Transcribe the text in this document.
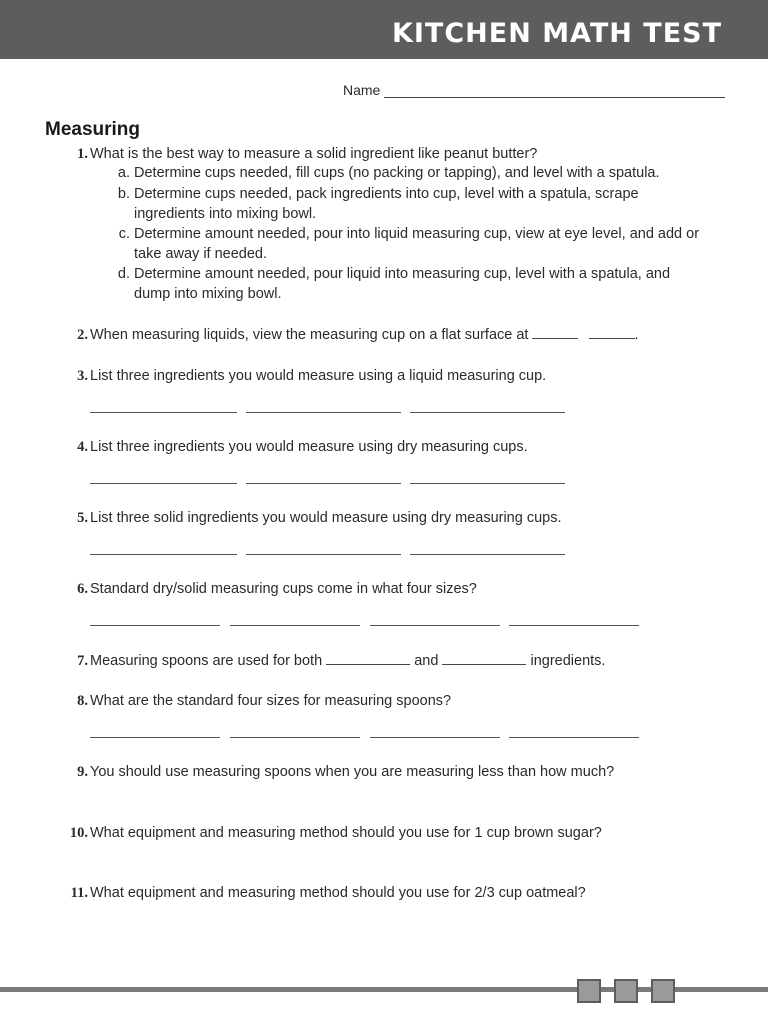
KITCHEN MATH TEST
Name
Measuring
1. What is the best way to measure a solid ingredient like peanut butter?
a. Determine cups needed, fill cups (no packing or tapping), and level with a spatula.
b. Determine cups needed, pack ingredients into cup, level with a spatula, scrape ingredients into mixing bowl.
c. Determine amount needed, pour into liquid measuring cup, view at eye level, and add or take away if needed.
d. Determine amount needed, pour liquid into measuring cup, level with a spatula, and dump into mixing bowl.
2. When measuring liquids, view the measuring cup on a flat surface at	.
3. List three ingredients you would measure using a liquid measuring cup.
4. List three ingredients you would measure using dry measuring cups.
5. List three solid ingredients you would measure using dry measuring cups.
6. Standard dry/solid measuring cups come in what four sizes?
7. Measuring spoons are used for both	and	ingredients.
8. What are the standard four sizes for measuring spoons?
9. You should use measuring spoons when you are measuring less than how much?
10. What equipment and measuring method should you use for 1 cup brown sugar?
11. What equipment and measuring method should you use for 2/3 cup oatmeal?
